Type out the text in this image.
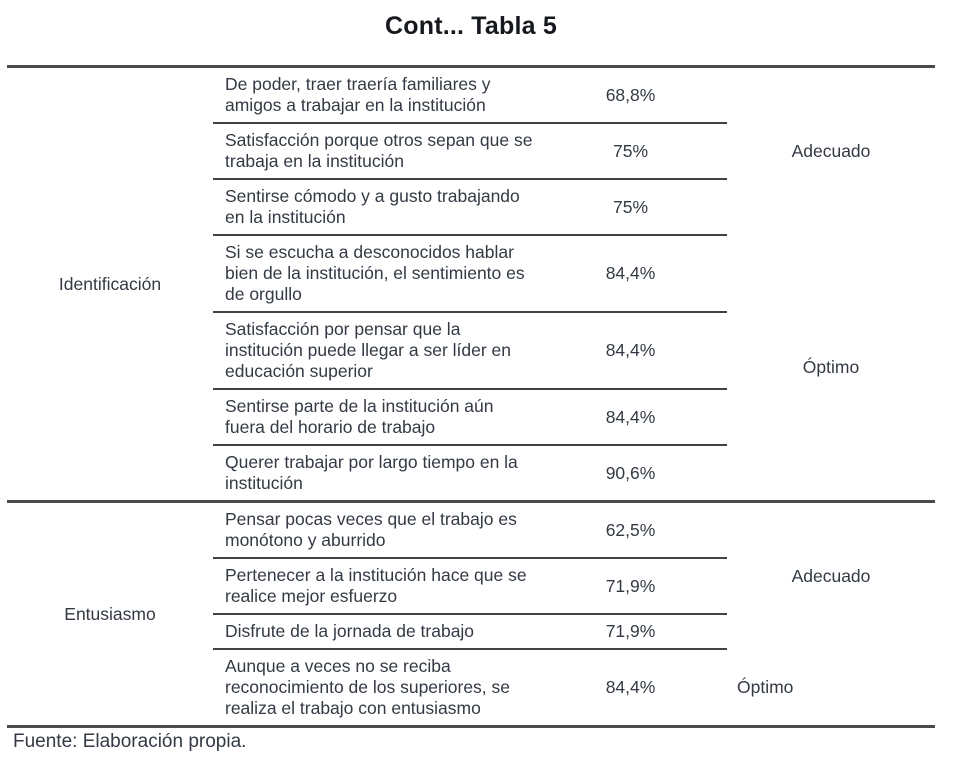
Cont... Tabla 5
Identificación	De poder, traer traería familiares y amigos a trabajar en la institución	68,8%	Adecuado
	Satisfacción porque otros sepan que se trabaja en la institución	75%	
	Sentirse cómodo y a gusto trabajando en la institución	75%	
	Si se escucha a desconocidos hablar bien de la institución, el sentimiento es de orgullo	84,4%	Óptimo
	Satisfacción por pensar que la institución puede llegar a ser líder en educación superior	84,4%	
	Sentirse parte de la institución aún fuera del horario de trabajo	84,4%	
	Querer trabajar por largo tiempo en la institución	90,6%	
Entusiasmo	Pensar pocas veces que el trabajo es monótono y aburrido	62,5%	Adecuado
	Pertenecer a la institución hace que se realice mejor esfuerzo	71,9%	
	Disfrute de la jornada de trabajo	71,9%	
	Aunque a veces no se reciba reconocimiento de los superiores, se realiza el trabajo con entusiasmo	84,4%	Óptimo
Fuente: Elaboración propia.
